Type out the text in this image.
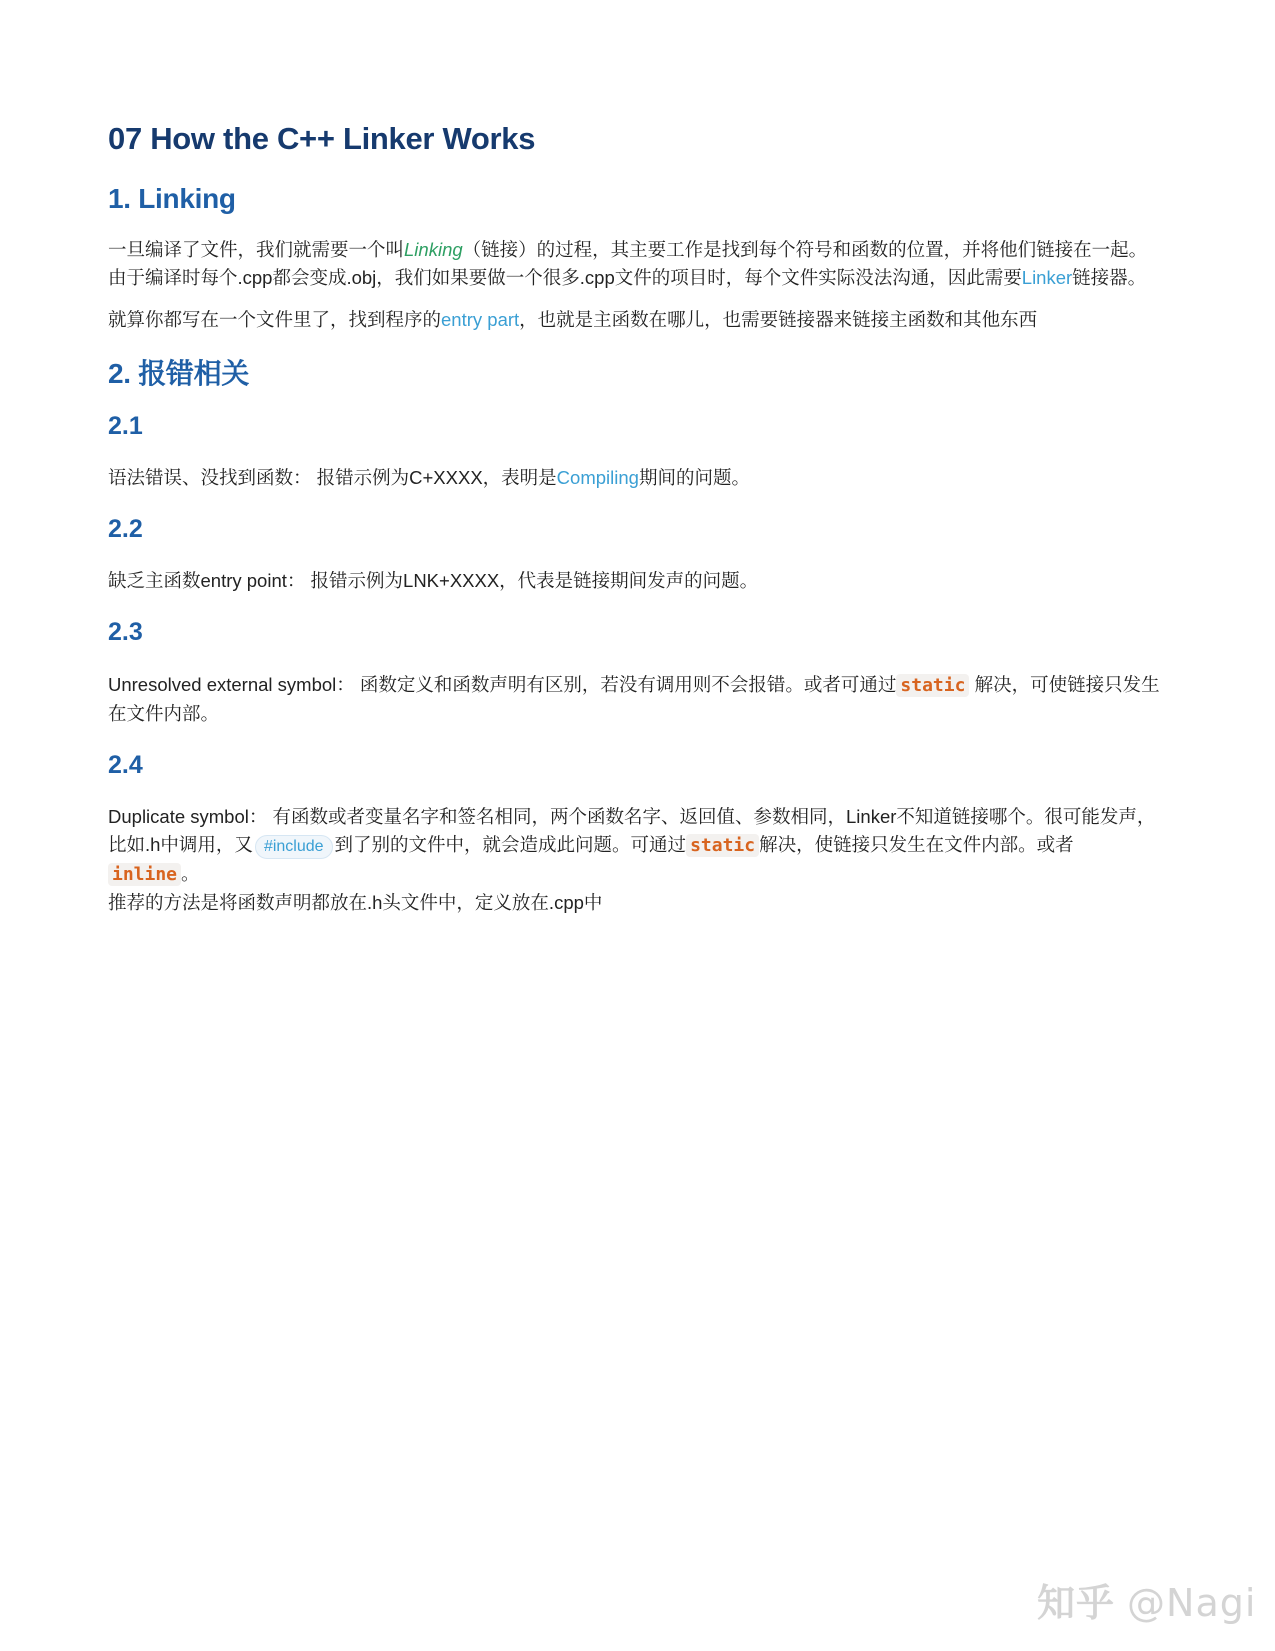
07 How the C++ Linker Works
1. Linking

一旦编译了文件，我们就需要一个叫Linking（链接）的过程，其主要工作是找到每个符号和函数的位置，并将他们链接在一起。由于编译时每个.cpp都会变成.obj，我们如果要做一个很多.cpp文件的项目时，每个文件实际没法沟通，因此需要Linker链接器。

就算你都写在一个文件里了，找到程序的entry part，也就是主函数在哪儿，也需要链接器来链接主函数和其他东西

2. 报错相关
2.1

语法错误、没找到函数： 报错示例为C+XXXX，表明是Compiling期间的问题。

2.2

缺乏主函数entry point： 报错示例为LNK+XXXX，代表是链接期间发声的问题。

2.3

Unresolved external symbol： 函数定义和函数声明有区别，若没有调用则不会报错。或者可通过 static 解决，可使链接只发生在文件内部。

2.4

Duplicate symbol： 有函数或者变量名字和签名相同，两个函数名字、返回值、参数相同，Linker不知道链接哪个。很可能发声，比如.h中调用，又 #include 到了别的文件中，就会造成此问题。可通过 static 解决，使链接只发生在文件内部。或者
inline 。
推荐的方法是将函数声明都放在.h头文件中，定义放在.cpp中

知乎 @Nagi
